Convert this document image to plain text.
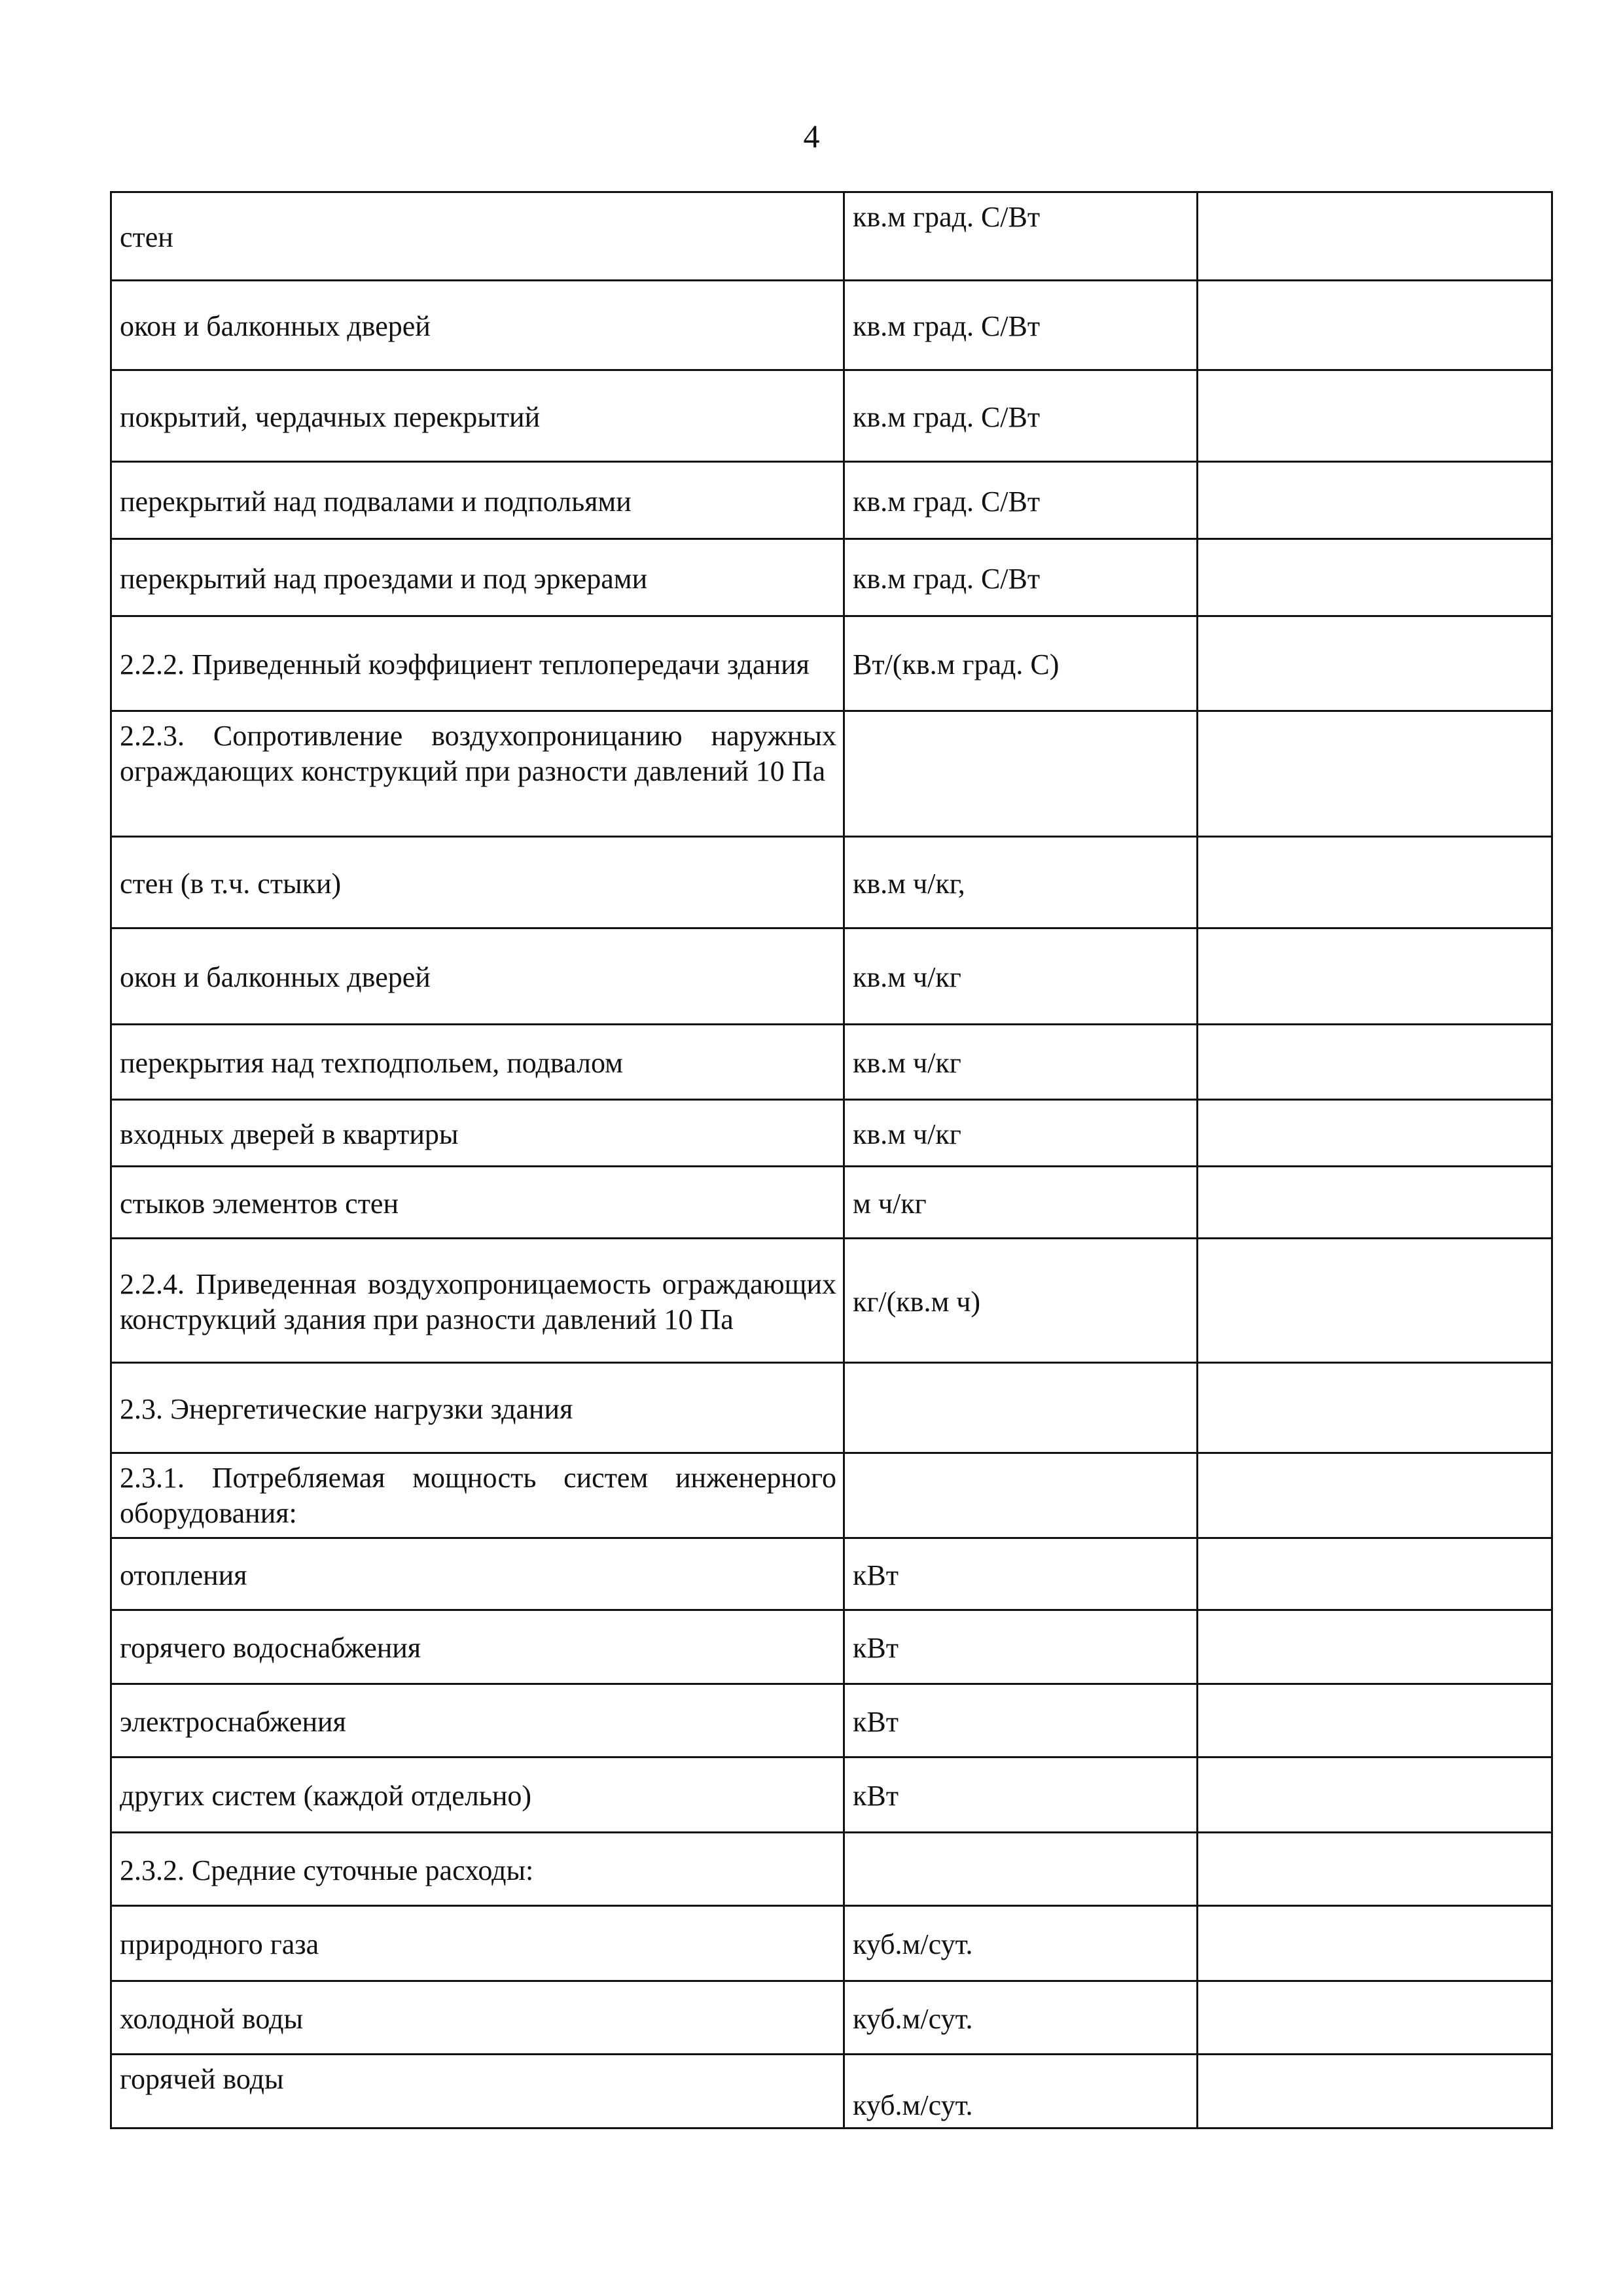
4
стен	кв.м град. С/Вт	
окон и балконных дверей	кв.м град. С/Вт	
покрытий, чердачных перекрытий	кв.м град. С/Вт	
перекрытий над подвалами и подпольями	кв.м град. С/Вт	
перекрытий над проездами и под эркерами	кв.м град. С/Вт	
2.2.2. Приведенный коэффициент теплопередачи здания	Вт/(кв.м град. С)	
2.2.3. Сопротивление воздухопроницанию наружных ограждающих конструкций при разности давлений 10 Па		
стен (в т.ч. стыки)	кв.м ч/кг,	
окон и балконных дверей	кв.м ч/кг	
перекрытия над техподпольем, подвалом	кв.м ч/кг	
входных дверей в квартиры	кв.м ч/кг	
стыков элементов стен	м ч/кг	
2.2.4. Приведенная воздухопроницаемость ограждающих конструкций здания при разности давлений 10 Па	кг/(кв.м ч)	
2.3. Энергетические нагрузки здания		
2.3.1. Потребляемая мощность систем инженерного оборудования:		
отопления	кВт	
горячего водоснабжения	кВт	
электроснабжения	кВт	
других систем (каждой отдельно)	кВт	
2.3.2. Средние суточные расходы:		
природного газа	куб.м/сут.	
холодной воды	куб.м/сут.	
горячей воды	куб.м/сут.	
